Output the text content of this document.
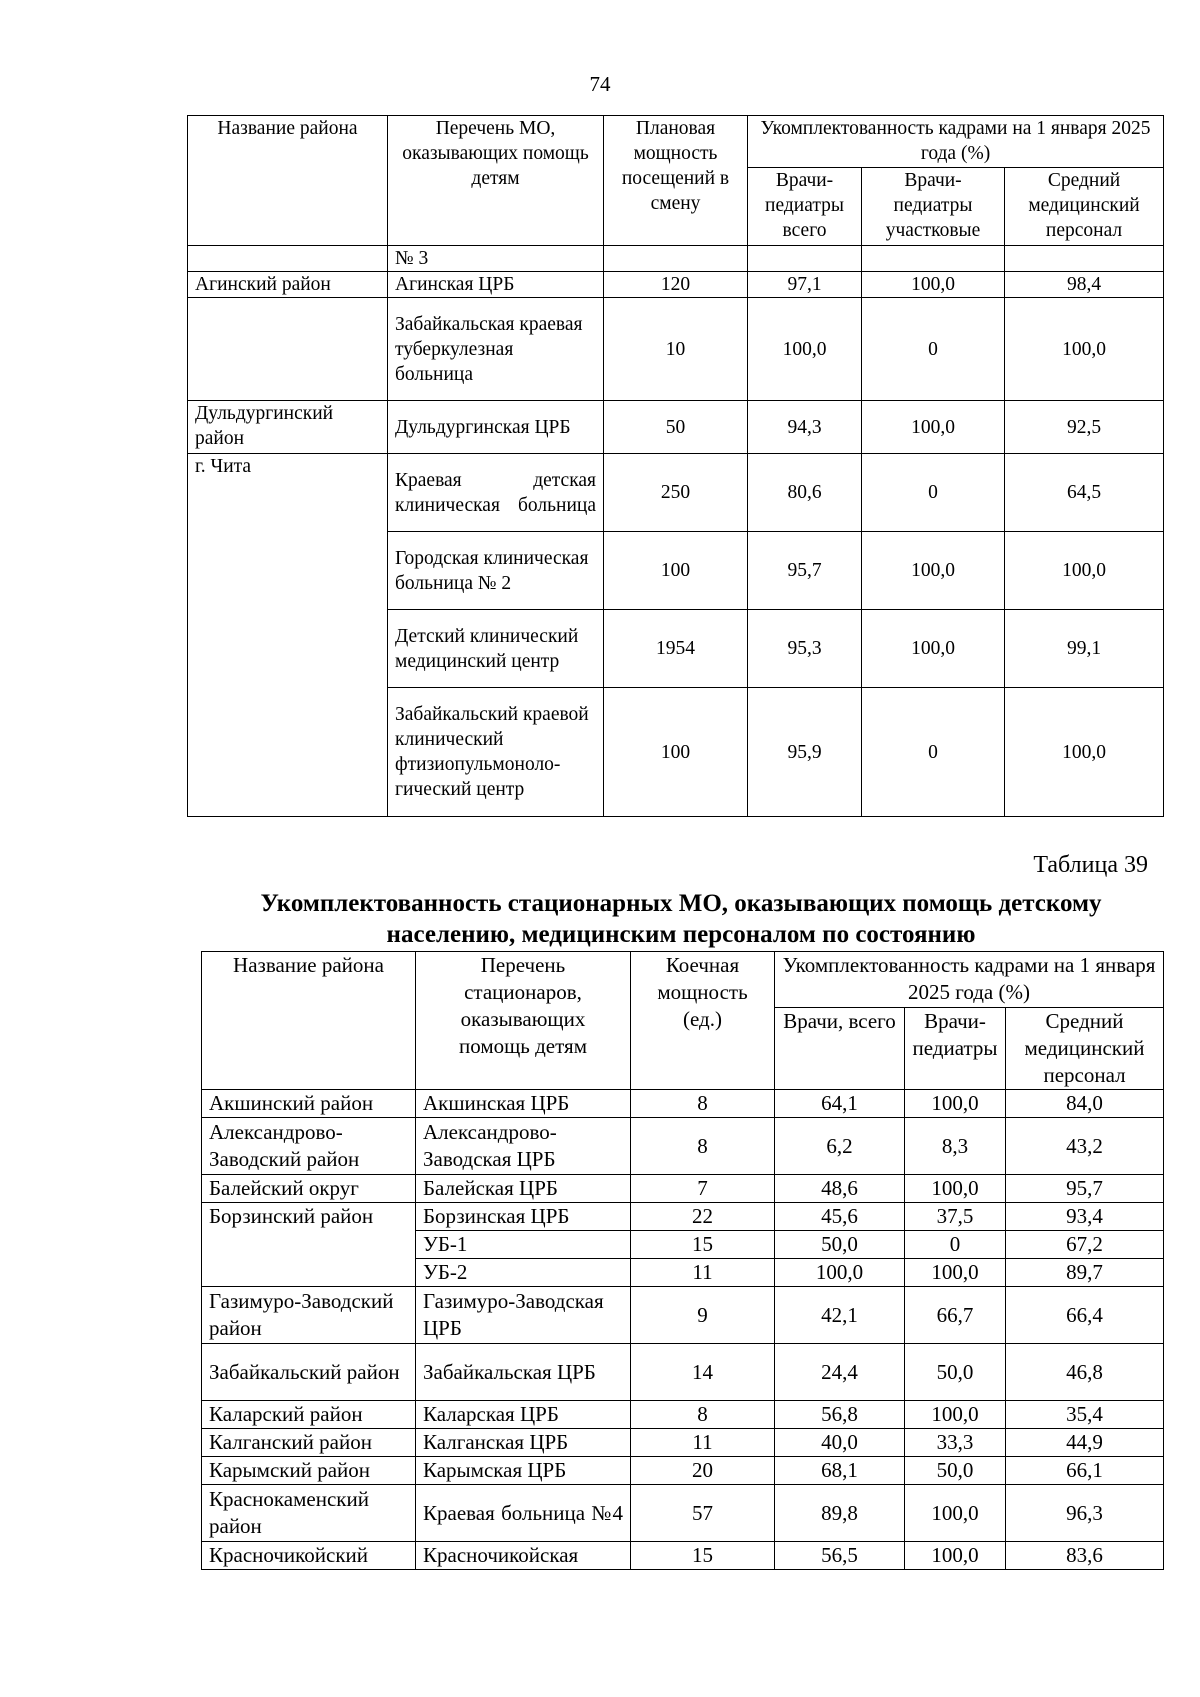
74
Название района	Перечень МО, оказывающих помощь детям	Плановая мощность посещений в смену	Укомплектованность кадрами на 1 января 2025 года (%)		
			Врачи-педиатры всего	Врачи-педиатры участковые	Средний медицинский персонал
	№ 3				
Агинский район	Агинская ЦРБ	120	97,1	100,0	98,4
	Забайкальская краевая туберкулезная больница	10	100,0	0	100,0
Дульдургинский район	Дульдургинская ЦРБ	50	94,3	100,0	92,5
г. Чита	Краевая детская клиническая больница	250	80,6	0	64,5
	Городская клиническая больница № 2	100	95,7	100,0	100,0
	Детский клинический медицинский центр	1954	95,3	100,0	99,1
	Забайкальский краевой клинический фтизиопульмоноло-гический центр	100	95,9	0	100,0
Таблица 39
Укомплектованность стационарных МО, оказывающих помощь детскому населению, медицинским персоналом по состоянию
Название района	Перечень стационаров, оказывающих помощь детям	Коечная мощность (ед.)	Укомплектованность кадрами на 1 января 2025 года (%)		
			Врачи, всего	Врачи-педиатры	Средний медицинский персонал
Акшинский район	Акшинская ЦРБ	8	64,1	100,0	84,0
Александрово-Заводский район	Александрово-Заводская ЦРБ	8	6,2	8,3	43,2
Балейский округ	Балейская ЦРБ	7	48,6	100,0	95,7
Борзинский район	Борзинская ЦРБ	22	45,6	37,5	93,4
	УБ-1	15	50,0	0	67,2
	УБ-2	11	100,0	100,0	89,7
Газимуро-Заводский район	Газимуро-Заводская ЦРБ	9	42,1	66,7	66,4
Забайкальский район	Забайкальская ЦРБ	14	24,4	50,0	46,8
Каларский район	Каларская ЦРБ	8	56,8	100,0	35,4
Калганский район	Калганская ЦРБ	11	40,0	33,3	44,9
Карымский район	Карымская ЦРБ	20	68,1	50,0	66,1
Краснокаменский район	Краевая больница №4	57	89,8	100,0	96,3
Красночикойский	Красночикойская	15	56,5	100,0	83,6
